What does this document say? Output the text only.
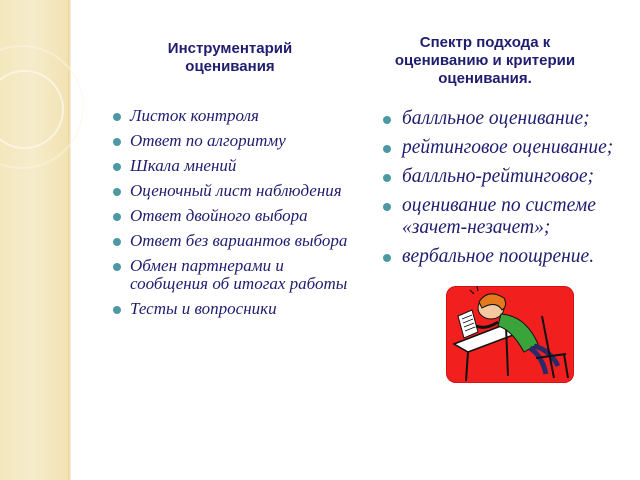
Инструментарий
оценивания
Спектр подхода к
оцениванию и критерии
оценивания.
Листок контроля
Ответ по алгоритму
Шкала мнений
Оценочный лист наблюдения
Ответ двойного выбора
Ответ без вариантов выбора
Обмен партнерами и сообщения об итогах работы
Тесты и вопросники
баллльное оценивание;
рейтинговое оценивание;
баллльно-рейтинговое;
оценивание по системе «зачет-незачет»;
вербальное поощрение.
